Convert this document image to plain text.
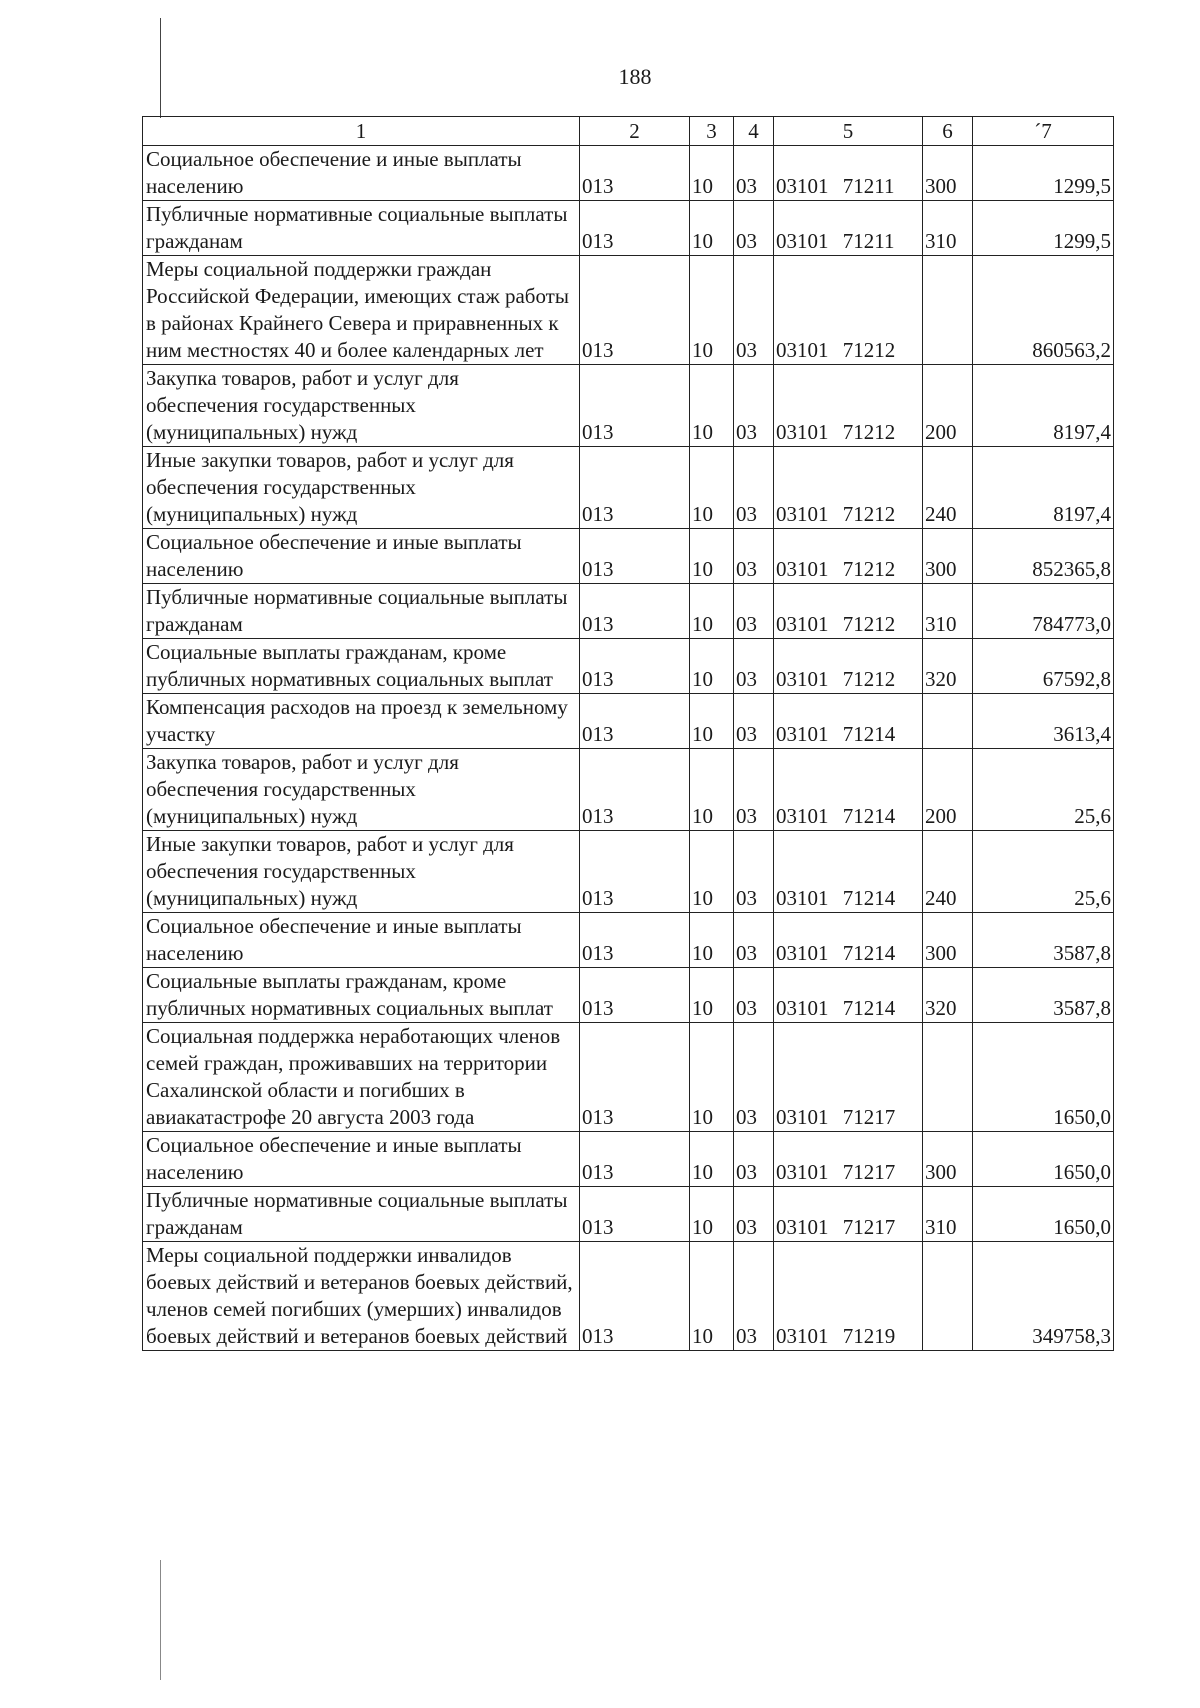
188
1	2	3	4	5	6	´7
Социальное обеспечение и иные выплаты населению	013	10	03	03101 71211	300	1299,5
Публичные нормативные социальные выплаты гражданам	013	10	03	03101 71211	310	1299,5
Меры социальной поддержки граждан Российской Федерации, имеющих стаж работы в районах Крайнего Севера и приравненных к ним местностях 40 и более календарных лет	013	10	03	03101 71212		860563,2
Закупка товаров, работ и услуг для обеспечения государственных (муниципальных) нужд	013	10	03	03101 71212	200	8197,4
Иные закупки товаров, работ и услуг для обеспечения государственных (муниципальных) нужд	013	10	03	03101 71212	240	8197,4
Социальное обеспечение и иные выплаты населению	013	10	03	03101 71212	300	852365,8
Публичные нормативные социальные выплаты гражданам	013	10	03	03101 71212	310	784773,0
Социальные выплаты гражданам, кроме публичных нормативных социальных выплат	013	10	03	03101 71212	320	67592,8
Компенсация расходов на проезд к земельному участку	013	10	03	03101 71214		3613,4
Закупка товаров, работ и услуг для обеспечения государственных (муниципальных) нужд	013	10	03	03101 71214	200	25,6
Иные закупки товаров, работ и услуг для обеспечения государственных (муниципальных) нужд	013	10	03	03101 71214	240	25,6
Социальное обеспечение и иные выплаты населению	013	10	03	03101 71214	300	3587,8
Социальные выплаты гражданам, кроме публичных нормативных социальных выплат	013	10	03	03101 71214	320	3587,8
Социальная поддержка неработающих членов семей граждан, проживавших на территории Сахалинской области и погибших в авиакатастрофе 20 августа 2003 года	013	10	03	03101 71217		1650,0
Социальное обеспечение и иные выплаты населению	013	10	03	03101 71217	300	1650,0
Публичные нормативные социальные выплаты гражданам	013	10	03	03101 71217	310	1650,0
Меры социальной поддержки инвалидов боевых действий и ветеранов боевых действий, членов семей погибших (умерших) инвалидов боевых действий и ветеранов боевых действий	013	10	03	03101 71219		349758,3
